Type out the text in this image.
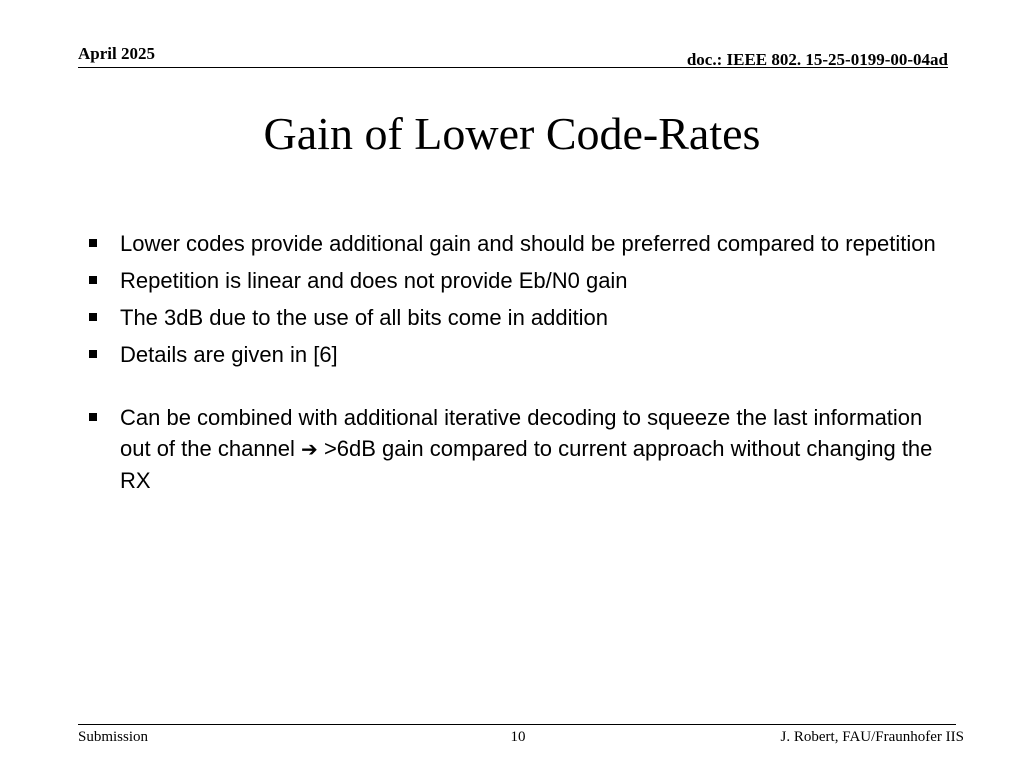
April 2025	doc.: IEEE 802. 15-25-0199-00-04ad
Gain of Lower Code-Rates
Lower codes provide additional gain and should be preferred compared to repetition
Repetition is linear and does not provide Eb/N0 gain
The 3dB due to the use of all bits come in addition
Details are given in [6]
Can be combined with additional iterative decoding to squeeze the last information out of the channel ➔ >6dB gain compared to current approach without changing the RX
Submission	10	J. Robert, FAU/Fraunhofer IIS
